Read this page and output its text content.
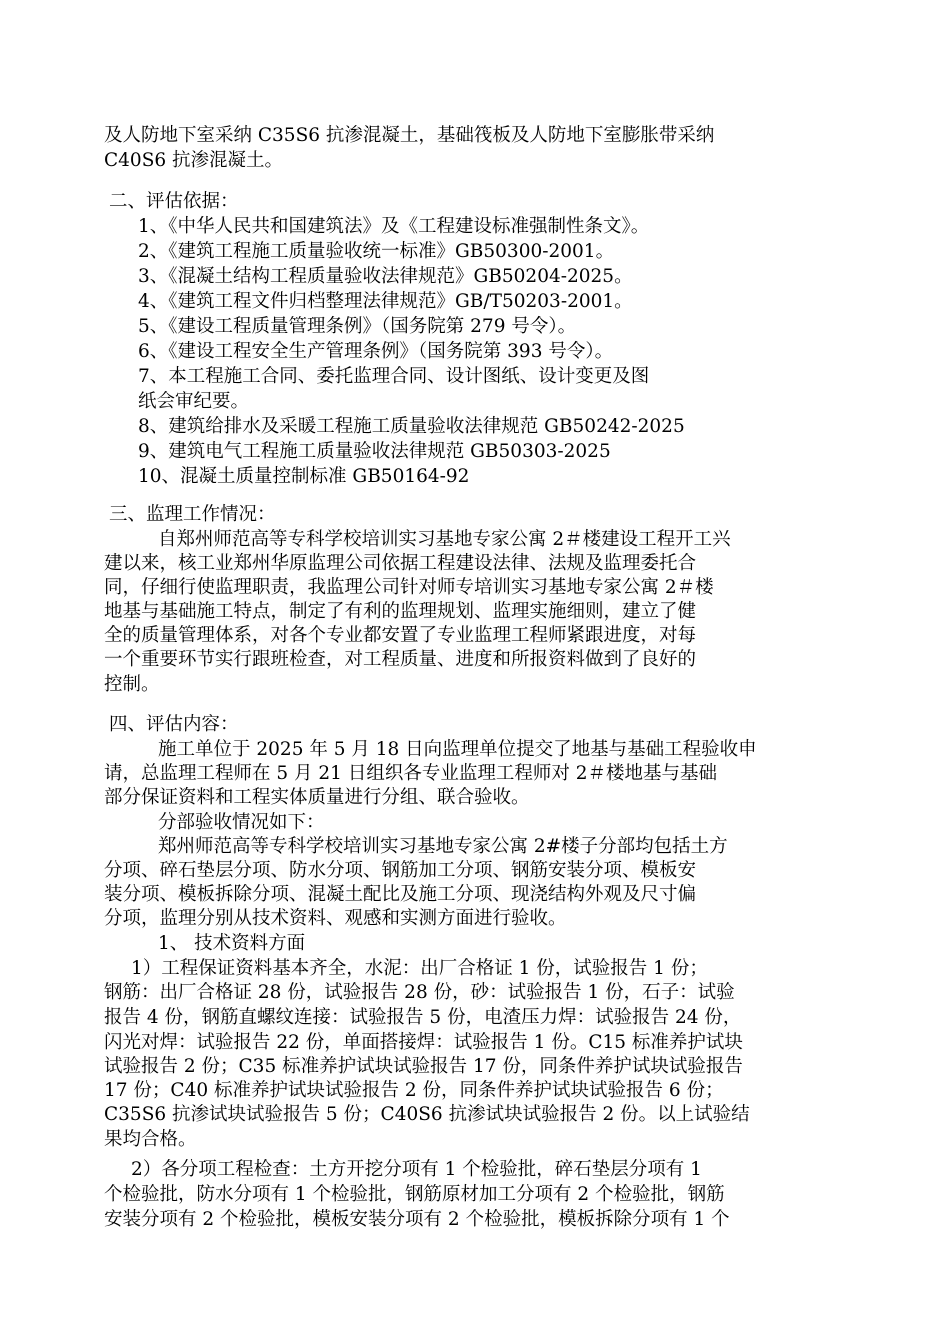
及人防地下室采纳 C35S6 抗渗混凝土，基础筏板及人防地下室膨胀带采纳

C40S6 抗渗混凝土。

二、评估依据：

1、《中华人民共和国建筑法》及《工程建设标准强制性条文》。

2、《建筑工程施工质量验收统一标准》GB50300-2001。

3、《混凝土结构工程质量验收法律规范》GB50204-2025。

4、《建筑工程文件归档整理法律规范》GB/T50203-2001。

5、《建设工程质量管理条例》（国务院第 279 号令）。

6、《建设工程安全生产管理条例》（国务院第 393 号令）。

7、本工程施工合同、委托监理合同、设计图纸、设计变更及图

纸会审纪要。

8、建筑给排水及采暖工程施工质量验收法律规范 GB50242-2025

9、建筑电气工程施工质量验收法律规范 GB50303-2025

10、混凝土质量控制标准 GB50164-92

三、监理工作情况：

自郑州师范高等专科学校培训实习基地专家公寓 2＃楼建设工程开工兴

建以来，核工业郑州华原监理公司依据工程建设法律、法规及监理委托合

同，仔细行使监理职责，我监理公司针对师专培训实习基地专家公寓 2＃楼

地基与基础施工特点，制定了有利的监理规划、监理实施细则，建立了健

全的质量管理体系，对各个专业都安置了专业监理工程师紧跟进度，对每

一个重要环节实行跟班检查，对工程质量、进度和所报资料做到了良好的

控制。

四、评估内容：

施工单位于 2025 年 5 月 18 日向监理单位提交了地基与基础工程验收申

请，总监理工程师在 5 月 21 日组织各专业监理工程师对 2＃楼地基与基础

部分保证资料和工程实体质量进行分组、联合验收。

分部验收情况如下：

郑州师范高等专科学校培训实习基地专家公寓 2#楼子分部均包括土方

分项、碎石垫层分项、防水分项、钢筋加工分项、钢筋安装分项、模板安

装分项、模板拆除分项、混凝土配比及施工分项、现浇结构外观及尺寸偏

分项，监理分别从技术资料、观感和实测方面进行验收。

1、 技术资料方面

1）工程保证资料基本齐全，水泥：出厂合格证 1 份，试验报告 1 份；

钢筋：出厂合格证 28 份，试验报告 28 份，砂：试验报告 1 份，石子：试验

报告 4 份，钢筋直螺纹连接：试验报告 5 份，电渣压力焊：试验报告 24 份，

闪光对焊：试验报告 22 份，单面搭接焊：试验报告 1 份。C15 标准养护试块

试验报告 2 份；C35 标准养护试块试验报告 17 份，同条件养护试块试验报告

17 份；C40 标准养护试块试验报告 2 份，同条件养护试块试验报告 6 份；

C35S6 抗渗试块试验报告 5 份；C40S6 抗渗试块试验报告 2 份。以上试验结

果均合格。

2）各分项工程检查：土方开挖分项有 1 个检验批，碎石垫层分项有 1

个检验批，防水分项有 1 个检验批，钢筋原材加工分项有 2 个检验批，钢筋

安装分项有 2 个检验批，模板安装分项有 2 个检验批，模板拆除分项有 1 个
